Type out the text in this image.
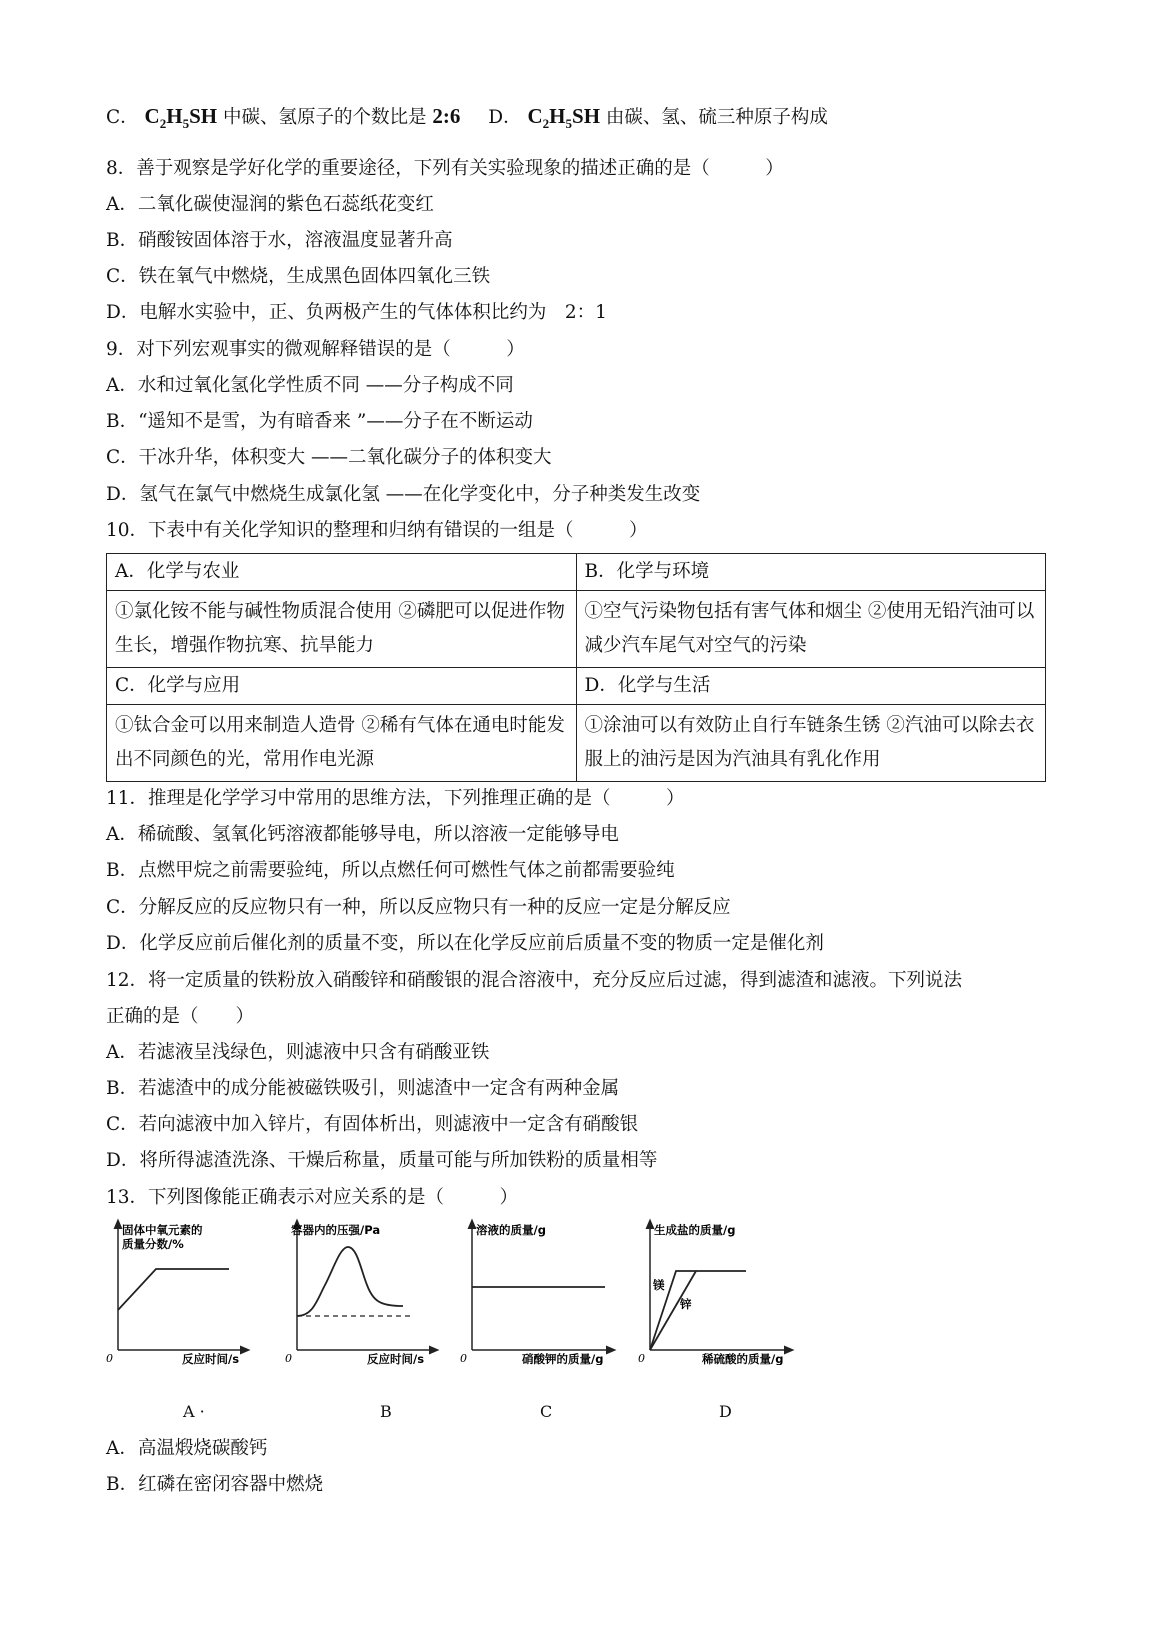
C． $C_2H_5SH$ 中碳、氢原子的个数比是 2:6 D． $C_2H_5SH$ 由碳、氢、硫三种原子构成
8．善于观察是学好化学的重要途径，下列有关实验现象的描述正确的是（　　　）
A．二氧化碳使湿润的紫色石蕊纸花变红
B．硝酸铵固体溶于水，溶液温度显著升高
C．铁在氧气中燃烧，生成黑色固体四氧化三铁
D．电解水实验中，正、负两极产生的气体体积比约为　2：1
9．对下列宏观事实的微观解释错误的是（　　　）
A．水和过氧化氢化学性质不同 ——分子构成不同
B．“遥知不是雪，为有暗香来 ”——分子在不断运动
C．干冰升华，体积变大 ——二氧化碳分子的体积变大
D．氢气在氯气中燃烧生成氯化氢 ——在化学变化中，分子种类发生改变
10．下表中有关化学知识的整理和归纳有错误的一组是（　　　）
A．化学与农业	B．化学与环境
①氯化铵不能与碱性物质混合使用 ②磷肥可以促进作物生长，增强作物抗寒、抗旱能力	①空气污染物包括有害气体和烟尘 ②使用无铅汽油可以减少汽车尾气对空气的污染
C．化学与应用	D．化学与生活
①钛合金可以用来制造人造骨 ②稀有气体在通电时能发出不同颜色的光，常用作电光源	①涂油可以有效防止自行车链条生锈 ②汽油可以除去衣服上的油污是因为汽油具有乳化作用
11．推理是化学学习中常用的思维方法，下列推理正确的是（　　　）
A．稀硫酸、氢氧化钙溶液都能够导电，所以溶液一定能够导电
B．点燃甲烷之前需要验纯，所以点燃任何可燃性气体之前都需要验纯
C．分解反应的反应物只有一种，所以反应物只有一种的反应一定是分解反应
D．化学反应前后催化剂的质量不变，所以在化学反应前后质量不变的物质一定是催化剂
12．将一定质量的铁粉放入硝酸锌和硝酸银的混合溶液中，充分反应后过滤，得到滤渣和滤液。下列说法
正确的是（　　）
A．若滤液呈浅绿色，则滤液中只含有硝酸亚铁
B．若滤渣中的成分能被磁铁吸引，则滤渣中一定含有两种金属
C．若向滤液中加入锌片，有固体析出，则滤液中一定含有硝酸银
D．将所得滤渣洗涤、干燥后称量，质量可能与所加铁粉的质量相等
13．下列图像能正确表示对应关系的是（　　　）
固体中氧元素的
质量分数/%
0	反应时间/s
容器内的压强/Pa
0	反应时间/s
溶液的质量/g
0	硝酸钾的质量/g
生成盐的质量/g
镁
锌
0	稀硫酸的质量/g
A ·	B	C	D
A．高温煅烧碳酸钙
B．红磷在密闭容器中燃烧
